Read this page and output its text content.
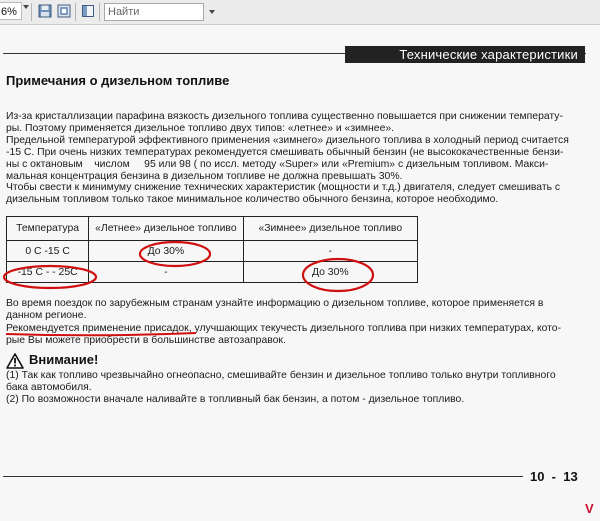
6%
Найти
Технические характеристики
Примечания о дизельном топливе
Из-за кристаллизации парафина вязкость дизельного топлива существенно повышается при снижении температу-
ры. Поэтому применяется дизельное топливо двух типов: «летнее» и «зимнее».
Предельной температурой эффективного применения «зимнего» дизельного топлива в холодный период считается
-15 С. При очень низких температурах рекомендуется смешивать обычный бензин (не высококачественные бензи-
ны с октановым    числом     95 или 98 ( по иссл. методу «Super» или «Premium» с дизельным топливом. Макси-
мальная концентрация бензина в дизельном топливе не должна превышать 30%.
Чтобы свести к минимуму снижение технических характеристик (мощности и т.д.) двигателя, следует смешивать с
дизельным топливом только такое минимальное количество обычного бензина, которое необходимо.
Температура	«Летнее» дизельное топливо	«Зимнее» дизельное топливо
0 С -15 С	До 30%	-
-15 С - - 25С	-	До 30%
Во время поездок по зарубежным странам узнайте информацию о дизельном топливе, которое применяется в
данном регионе.
Рекомендуется применение присадок, улучшающих текучесть дизельного топлива при низких температурах, кото-
рые Вы можете приобрести в большинстве автозаправок.
Внимание!
(1) Так как топливо чрезвычайно огнеопасно, смешивайте бензин и дизельное топливо только внутри топливного
бака автомобиля.
(2) По возможности вначале наливайте в топливный бак бензин, а потом - дизельное топливо.
10  -  13
V
